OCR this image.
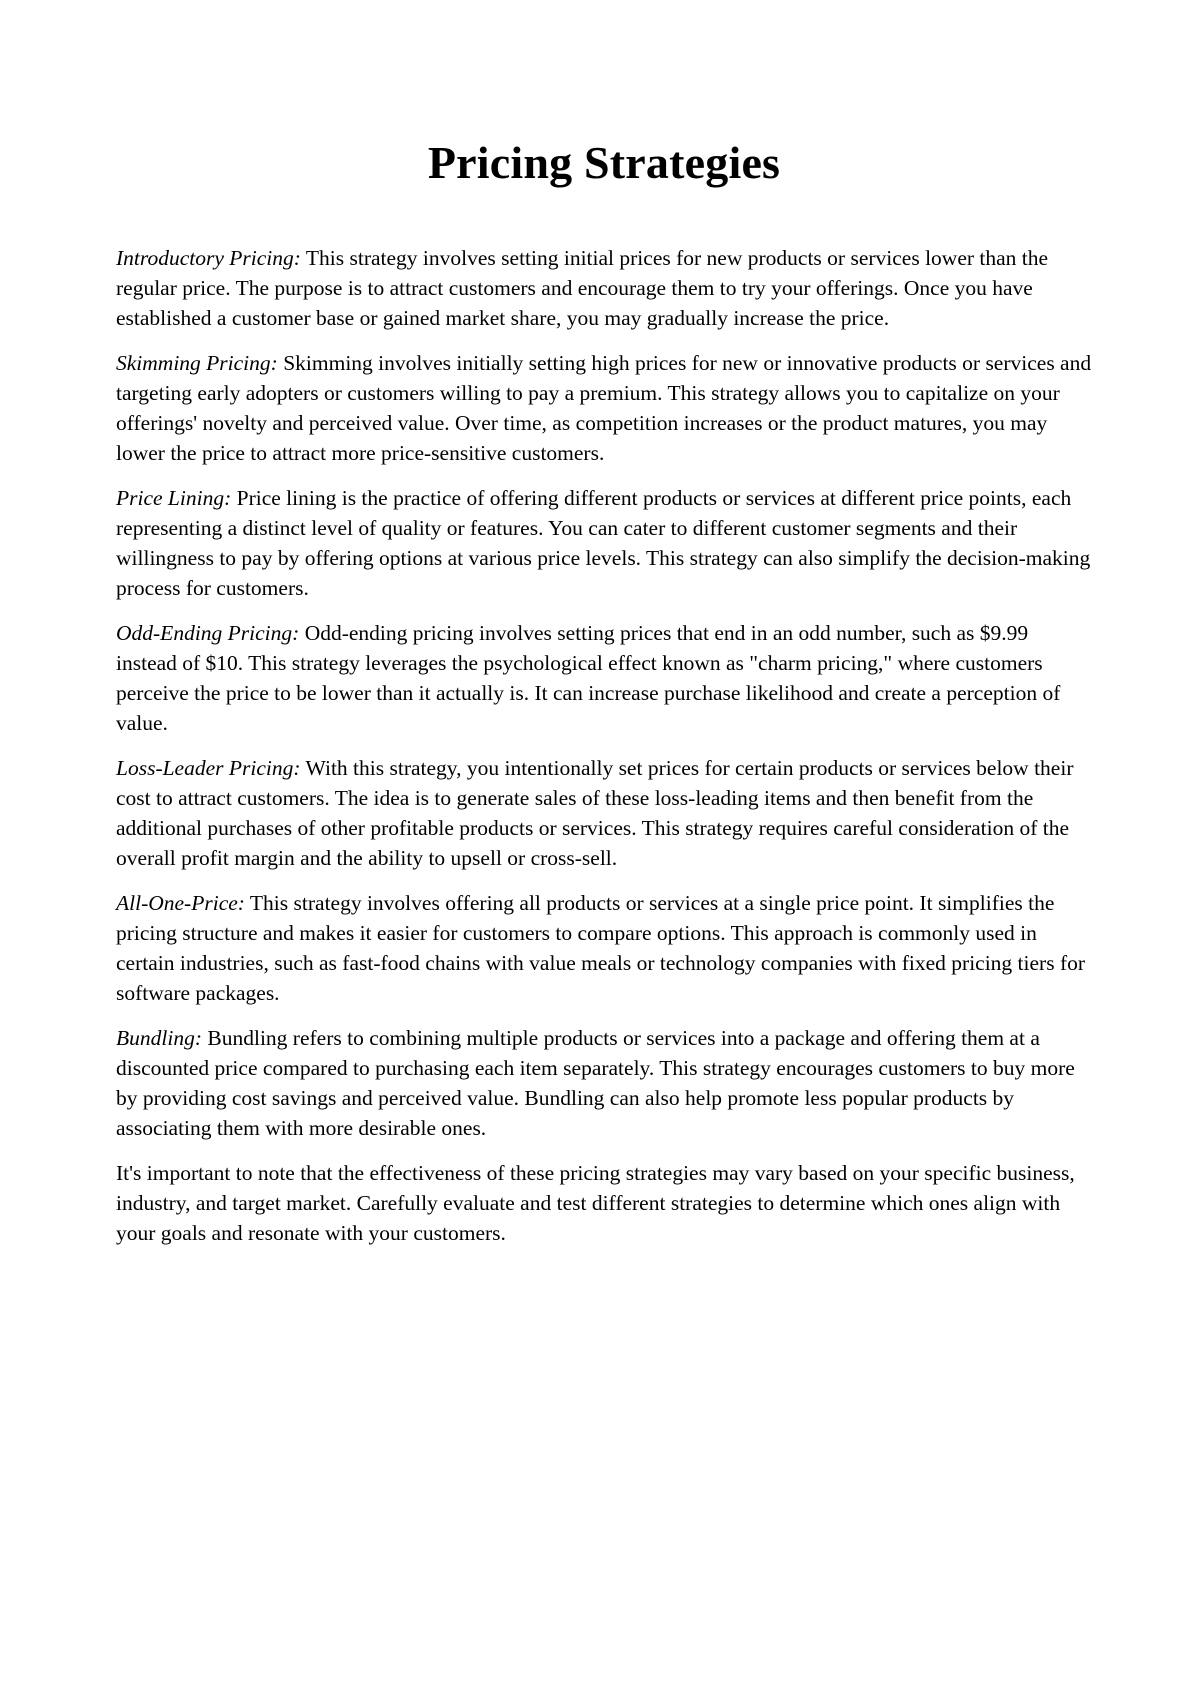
Pricing Strategies

Introductory Pricing: This strategy involves setting initial prices for new products or services lower than the regular price. The purpose is to attract customers and encourage them to try your offerings. Once you have established a customer base or gained market share, you may gradually increase the price.

Skimming Pricing: Skimming involves initially setting high prices for new or innovative products or services and targeting early adopters or customers willing to pay a premium. This strategy allows you to capitalize on your offerings' novelty and perceived value. Over time, as competition increases or the product matures, you may lower the price to attract more price-sensitive customers.

Price Lining: Price lining is the practice of offering different products or services at different price points, each representing a distinct level of quality or features. You can cater to different customer segments and their willingness to pay by offering options at various price levels. This strategy can also simplify the decision-making process for customers.

Odd-Ending Pricing: Odd-ending pricing involves setting prices that end in an odd number, such as $9.99 instead of $10. This strategy leverages the psychological effect known as "charm pricing," where customers perceive the price to be lower than it actually is. It can increase purchase likelihood and create a perception of value.

Loss-Leader Pricing: With this strategy, you intentionally set prices for certain products or services below their cost to attract customers. The idea is to generate sales of these loss-leading items and then benefit from the additional purchases of other profitable products or services. This strategy requires careful consideration of the overall profit margin and the ability to upsell or cross-sell.

All-One-Price: This strategy involves offering all products or services at a single price point. It simplifies the pricing structure and makes it easier for customers to compare options. This approach is commonly used in certain industries, such as fast-food chains with value meals or technology companies with fixed pricing tiers for software packages.

Bundling: Bundling refers to combining multiple products or services into a package and offering them at a discounted price compared to purchasing each item separately. This strategy encourages customers to buy more by providing cost savings and perceived value. Bundling can also help promote less popular products by associating them with more desirable ones.

It's important to note that the effectiveness of these pricing strategies may vary based on your specific business, industry, and target market. Carefully evaluate and test different strategies to determine which ones align with your goals and resonate with your customers.
